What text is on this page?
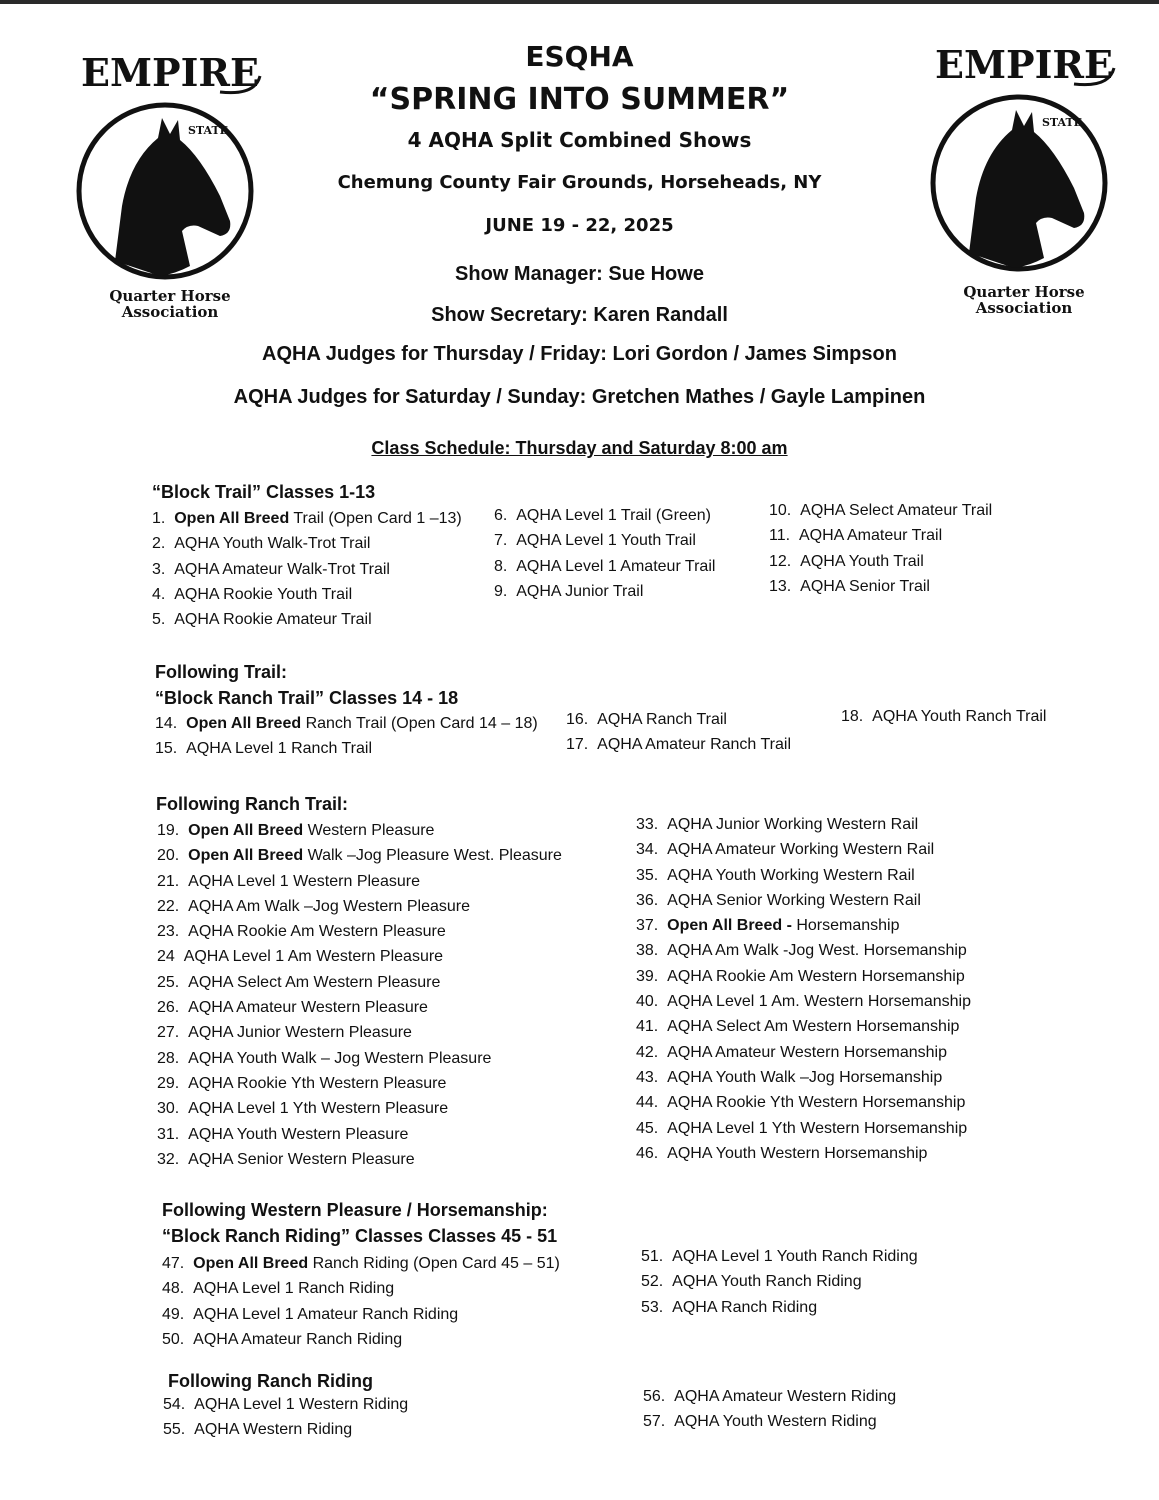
EMPIRE
STATE
Quarter Horse
Association
EMPIRE
STATE
Quarter Horse
Association
ESQHA
“SPRING INTO SUMMER”
4 AQHA Split Combined Shows
Chemung County Fair Grounds, Horseheads, NY
JUNE 19 - 22, 2025
Show Manager: Sue Howe
Show Secretary: Karen Randall
AQHA Judges for Thursday / Friday: Lori Gordon / James Simpson
AQHA Judges for Saturday / Sunday: Gretchen Mathes / Gayle Lampinen
Class Schedule: Thursday and Saturday 8:00 am
“Block Trail” Classes 1-13
1. Open All Breed Trail (Open Card 1 –13)
2. AQHA Youth Walk-Trot Trail
3. AQHA Amateur Walk-Trot Trail
4. AQHA Rookie Youth Trail
5. AQHA Rookie Amateur Trail
6. AQHA Level 1 Trail (Green)
7. AQHA Level 1 Youth Trail
8. AQHA Level 1 Amateur Trail
9. AQHA Junior Trail
10. AQHA Select Amateur Trail
11. AQHA Amateur Trail
12. AQHA Youth Trail
13. AQHA Senior Trail
Following Trail:
“Block Ranch Trail” Classes 14 - 18
14. Open All Breed Ranch Trail (Open Card 14 – 18)
15. AQHA Level 1 Ranch Trail
16. AQHA Ranch Trail
17. AQHA Amateur Ranch Trail
18. AQHA Youth Ranch Trail
Following Ranch Trail:
19. Open All Breed Western Pleasure
20. Open All Breed Walk –Jog Pleasure West. Pleasure
21. AQHA Level 1 Western Pleasure
22. AQHA Am Walk –Jog Western Pleasure
23. AQHA Rookie Am Western Pleasure
24 AQHA Level 1 Am Western Pleasure
25. AQHA Select Am Western Pleasure
26. AQHA Amateur Western Pleasure
27. AQHA Junior Western Pleasure
28. AQHA Youth Walk – Jog Western Pleasure
29. AQHA Rookie Yth Western Pleasure
30. AQHA Level 1 Yth Western Pleasure
31. AQHA Youth Western Pleasure
32. AQHA Senior Western Pleasure
33. AQHA Junior Working Western Rail
34. AQHA Amateur Working Western Rail
35. AQHA Youth Working Western Rail
36. AQHA Senior Working Western Rail
37. Open All Breed - Horsemanship
38. AQHA Am Walk -Jog West. Horsemanship
39. AQHA Rookie Am Western Horsemanship
40. AQHA Level 1 Am. Western Horsemanship
41. AQHA Select Am Western Horsemanship
42. AQHA Amateur Western Horsemanship
43. AQHA Youth Walk –Jog Horsemanship
44. AQHA Rookie Yth Western Horsemanship
45. AQHA Level 1 Yth Western Horsemanship
46. AQHA Youth Western Horsemanship
Following Western Pleasure / Horsemanship:
“Block Ranch Riding” Classes Classes 45 - 51
47. Open All Breed Ranch Riding (Open Card 45 – 51)
48. AQHA Level 1 Ranch Riding
49. AQHA Level 1 Amateur Ranch Riding
50. AQHA Amateur Ranch Riding
51. AQHA Level 1 Youth Ranch Riding
52. AQHA Youth Ranch Riding
53. AQHA Ranch Riding
Following Ranch Riding
54. AQHA Level 1 Western Riding
55. AQHA Western Riding
56. AQHA Amateur Western Riding
57. AQHA Youth Western Riding
